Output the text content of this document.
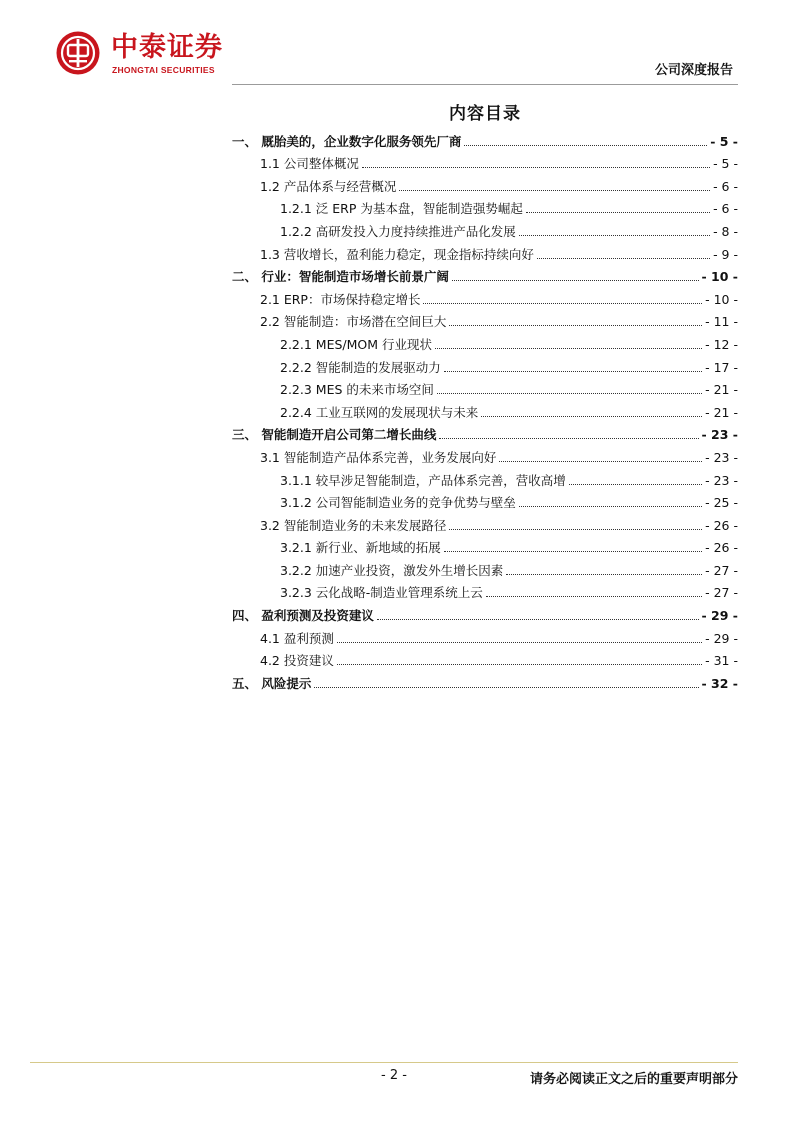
中泰证券
ZHONGTAI SECURITIES	公司深度报告
内容目录
一、 厩胎美的，企业数字化服务领先厂商	- 5 -
1.1 公司整体概况	- 5 -
1.2 产品体系与经营概况	- 6 -
1.2.1 泛 ERP 为基本盘，智能制造强势崛起	- 6 -
1.2.2 高研发投入力度持续推进产品化发展	- 8 -
1.3 营收增长，盈利能力稳定，现金指标持续向好	- 9 -
二、 行业：智能制造市场增长前景广阔	- 10 -
2.1 ERP：市场保持稳定增长	- 10 -
2.2 智能制造：市场潜在空间巨大	- 11 -
2.2.1 MES/MOM 行业现状	- 12 -
2.2.2 智能制造的发展驱动力	- 17 -
2.2.3 MES 的未来市场空间	- 21 -
2.2.4 工业互联网的发展现状与未来	- 21 -
三、 智能制造开启公司第二增长曲线	- 23 -
3.1 智能制造产品体系完善，业务发展向好	- 23 -
3.1.1 较早涉足智能制造，产品体系完善，营收高增	- 23 -
3.1.2 公司智能制造业务的竞争优势与壁垒	- 25 -
3.2 智能制造业务的未来发展路径	- 26 -
3.2.1 新行业、新地域的拓展	- 26 -
3.2.2 加速产业投资，激发外生增长因素	- 27 -
3.2.3 云化战略-制造业管理系统上云	- 27 -
四、 盈利预测及投资建议	- 29 -
4.1 盈利预测	- 29 -
4.2 投资建议	- 31 -
五、 风险提示	- 32 -
- 2 -	请务必阅读正文之后的重要声明部分
